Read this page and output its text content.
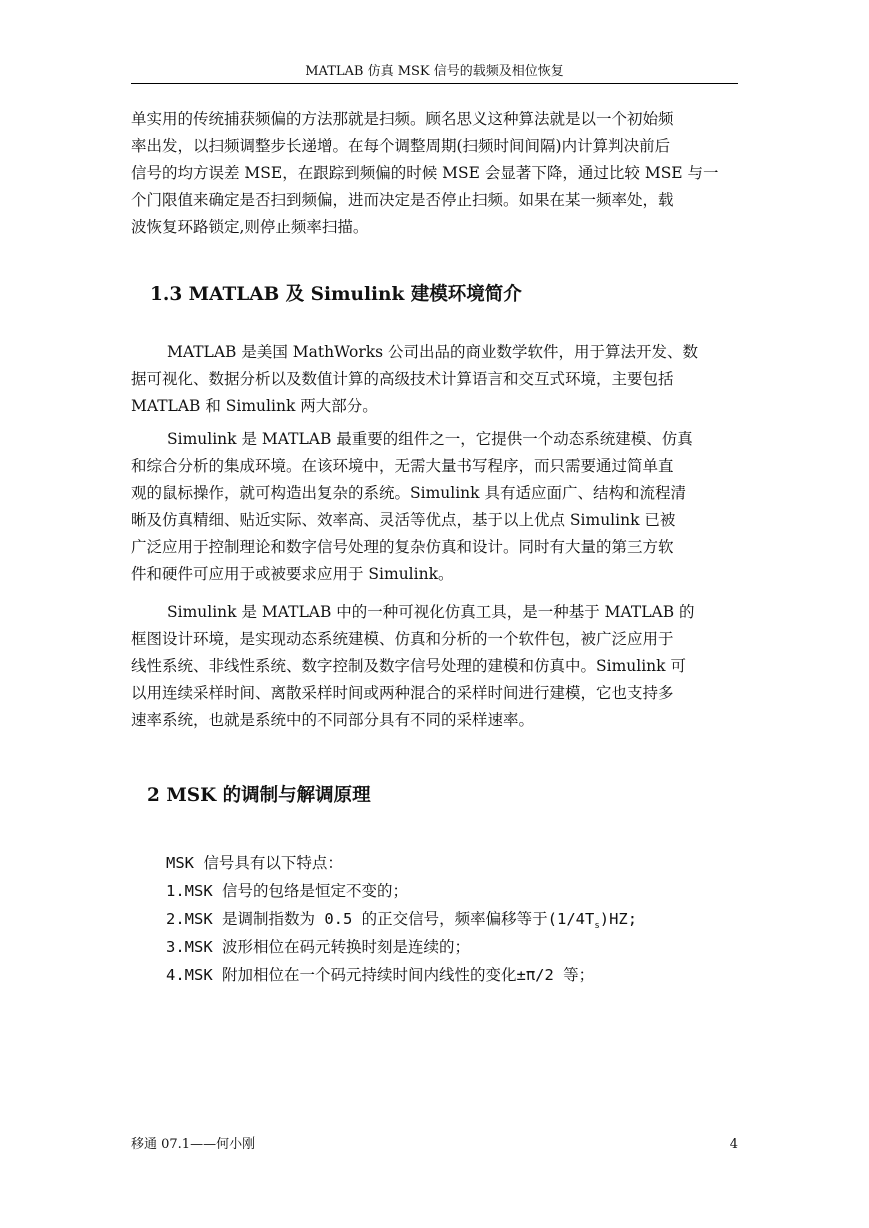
MATLAB 仿真 MSK 信号的载频及相位恢复
单实用的传统捕获频偏的方法那就是扫频。顾名思义这种算法就是以一个初始频
率出发，以扫频调整步长递增。在每个调整周期(扫频时间间隔)内计算判决前后
信号的均方误差 MSE，在跟踪到频偏的时候 MSE 会显著下降，通过比较 MSE 与一
个门限值来确定是否扫到频偏，进而决定是否停止扫频。如果在某一频率处，载
波恢复环路锁定,则停止频率扫描。
1.3 MATLAB 及 Simulink 建模环境简介
MATLAB 是美国 MathWorks 公司出品的商业数学软件，用于算法开发、数
据可视化、数据分析以及数值计算的高级技术计算语言和交互式环境，主要包括
MATLAB 和 Simulink 两大部分。
Simulink 是 MATLAB 最重要的组件之一，它提供一个动态系统建模、仿真
和综合分析的集成环境。在该环境中，无需大量书写程序，而只需要通过简单直
观的鼠标操作，就可构造出复杂的系统。Simulink 具有适应面广、结构和流程清
晰及仿真精细、贴近实际、效率高、灵活等优点，基于以上优点 Simulink 已被
广泛应用于控制理论和数字信号处理的复杂仿真和设计。同时有大量的第三方软
件和硬件可应用于或被要求应用于 Simulink。
Simulink 是 MATLAB 中的一种可视化仿真工具，是一种基于 MATLAB 的
框图设计环境，是实现动态系统建模、仿真和分析的一个软件包，被广泛应用于
线性系统、非线性系统、数字控制及数字信号处理的建模和仿真中。Simulink 可
以用连续采样时间、离散采样时间或两种混合的采样时间进行建模，它也支持多
速率系统，也就是系统中的不同部分具有不同的采样速率。
2 MSK 的调制与解调原理
MSK 信号具有以下特点：
1.MSK 信号的包络是恒定不变的；
2.MSK 是调制指数为 0.5 的正交信号，频率偏移等于$(1/4T_s)HZ$;
3.MSK 波形相位在码元转换时刻是连续的；
4.MSK 附加相位在一个码元持续时间内线性的变化±π/2 等；
移通 07.1——何小刚	4
